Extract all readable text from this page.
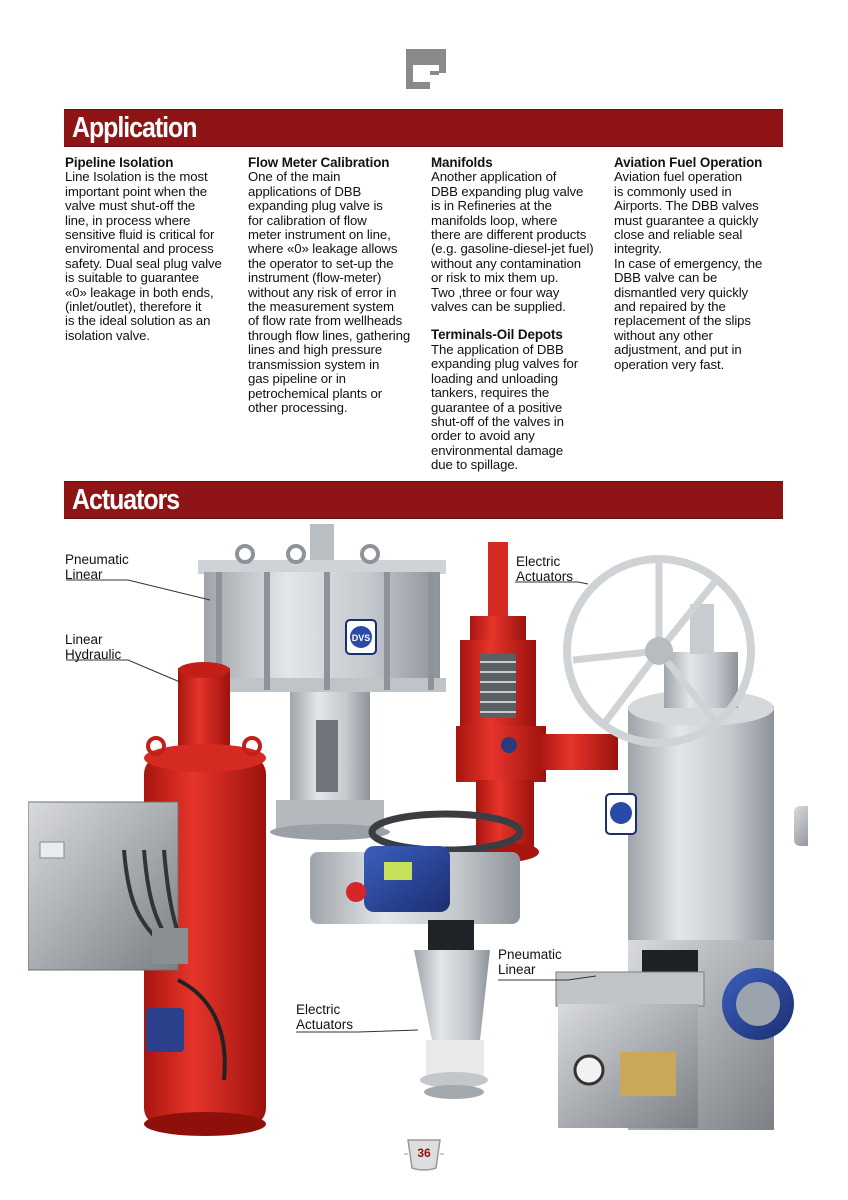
Application
Pipeline Isolation

Line Isolation is the most
important point when the
valve must shut-off the
line, in process where
sensitive fluid is critical for
enviromental and process
safety. Dual seal plug valve
is suitable to guarantee
«0» leakage in both ends,
(inlet/outlet), therefore it
is the ideal solution as an
isolation valve.

Flow Meter Calibration

One of the main
applications of DBB
expanding plug valve is
for calibration of flow
meter instrument on line,
where «0» leakage allows
the operator to set-up the
instrument (flow-meter)
without any risk of error in
the measurement system
of flow rate from wellheads
through flow lines, gathering
lines and high pressure
transmission system in
gas pipeline or in
petrochemical plants or
other processing.

Manifolds

Another application of
DBB expanding plug valve
is in Refineries at the
manifolds loop, where
there are different products
(e.g. gasoline-diesel-jet fuel)
without any contamination
or risk to mix them up.
Two ,three or four way
valves can be supplied.

Terminals-Oil Depots

The application of DBB
expanding plug valves for
loading and unloading
tankers, requires the
guarantee of a positive
shut-off of the valves in
order to avoid any
environmental damage
due to spillage.

Aviation Fuel Operation

Aviation fuel operation
is commonly used in
Airports. The DBB valves
must guarantee a quickly
close and reliable seal
integrity.
In case of emergency, the
DBB valve can be
dismantled very quickly
and repaired by the
replacement of the slips
without any other
adjustment, and put in
operation very fast.

Actuators
DVS
Pneumatic
Linear
Linear
Hydraulic
Electric
Actuators
Pneumatic
Linear
Electric
Actuators
36
